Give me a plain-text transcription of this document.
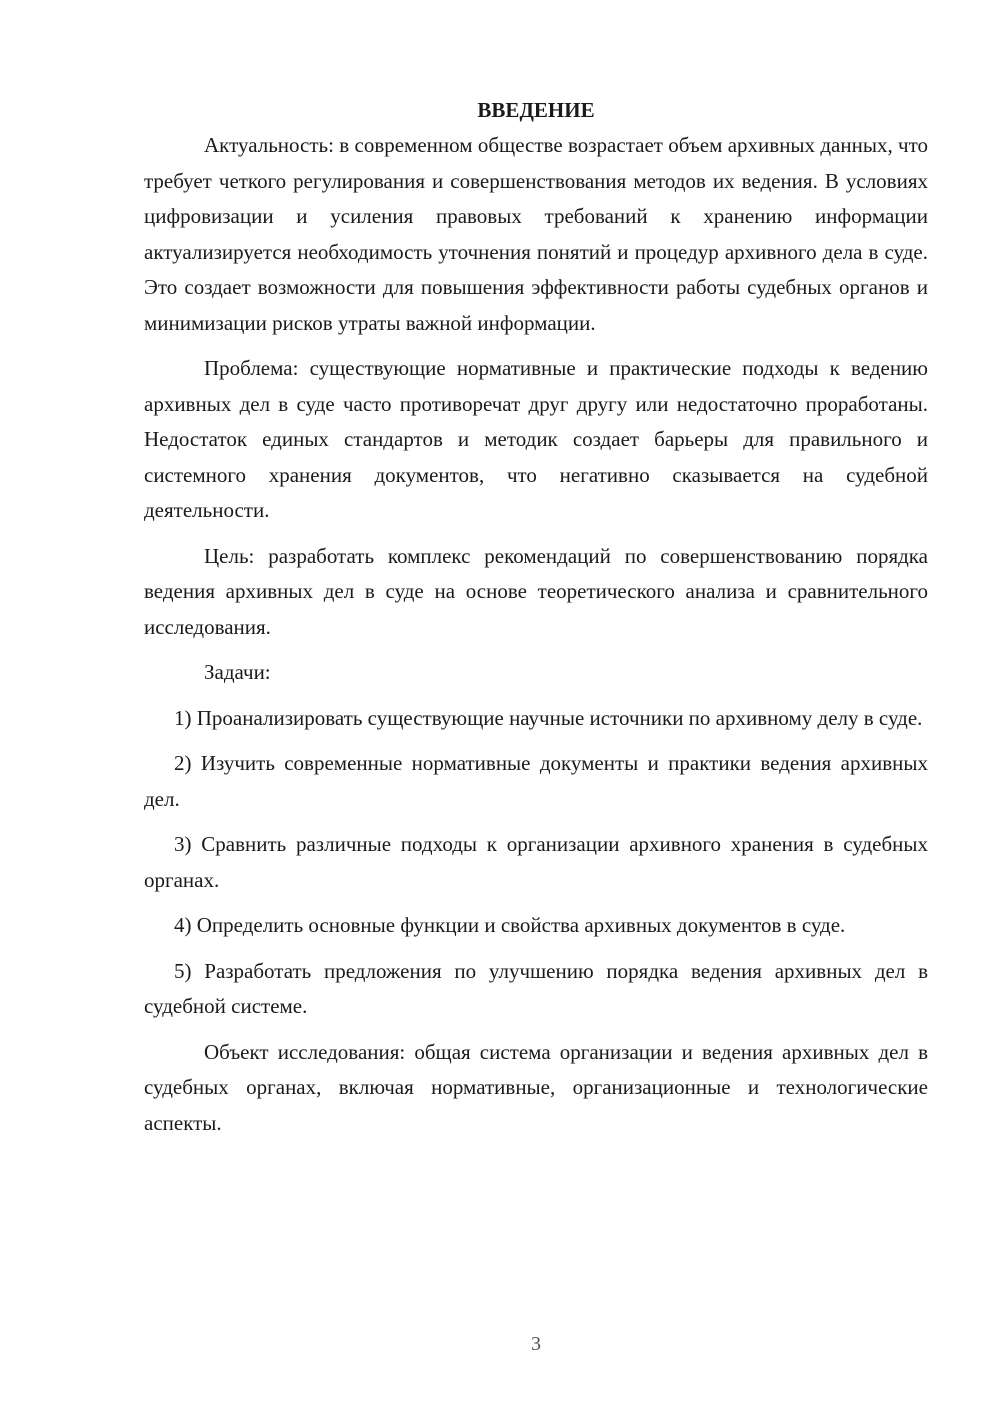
ВВЕДЕНИЕ

Актуальность: в современном обществе возрастает объем архивных данных, что требует четкого регулирования и совершенствования методов их ведения. В условиях цифровизации и усиления правовых требований к хранению информации актуализируется необходимость уточнения понятий и процедур архивного дела в суде. Это создает возможности для повышения эффективности работы судебных органов и минимизации рисков утраты важной информации.

Проблема: существующие нормативные и практические подходы к ведению архивных дел в суде часто противоречат друг другу или недостаточно проработаны. Недостаток единых стандартов и методик создает барьеры для правильного и системного хранения документов, что негативно сказывается на судебной деятельности.

Цель: разработать комплекс рекомендаций по совершенствованию порядка ведения архивных дел в суде на основе теоретического анализа и сравнительного исследования.

Задачи:

1) Проанализировать существующие научные источники по архивному делу в суде.

2) Изучить современные нормативные документы и практики ведения архивных дел.

3) Сравнить различные подходы к организации архивного хранения в судебных органах.

4) Определить основные функции и свойства архивных документов в суде.

5) Разработать предложения по улучшению порядка ведения архивных дел в судебной системе.

Объект исследования: общая система организации и ведения архивных дел в судебных органах, включая нормативные, организационные и технологические аспекты.

3
